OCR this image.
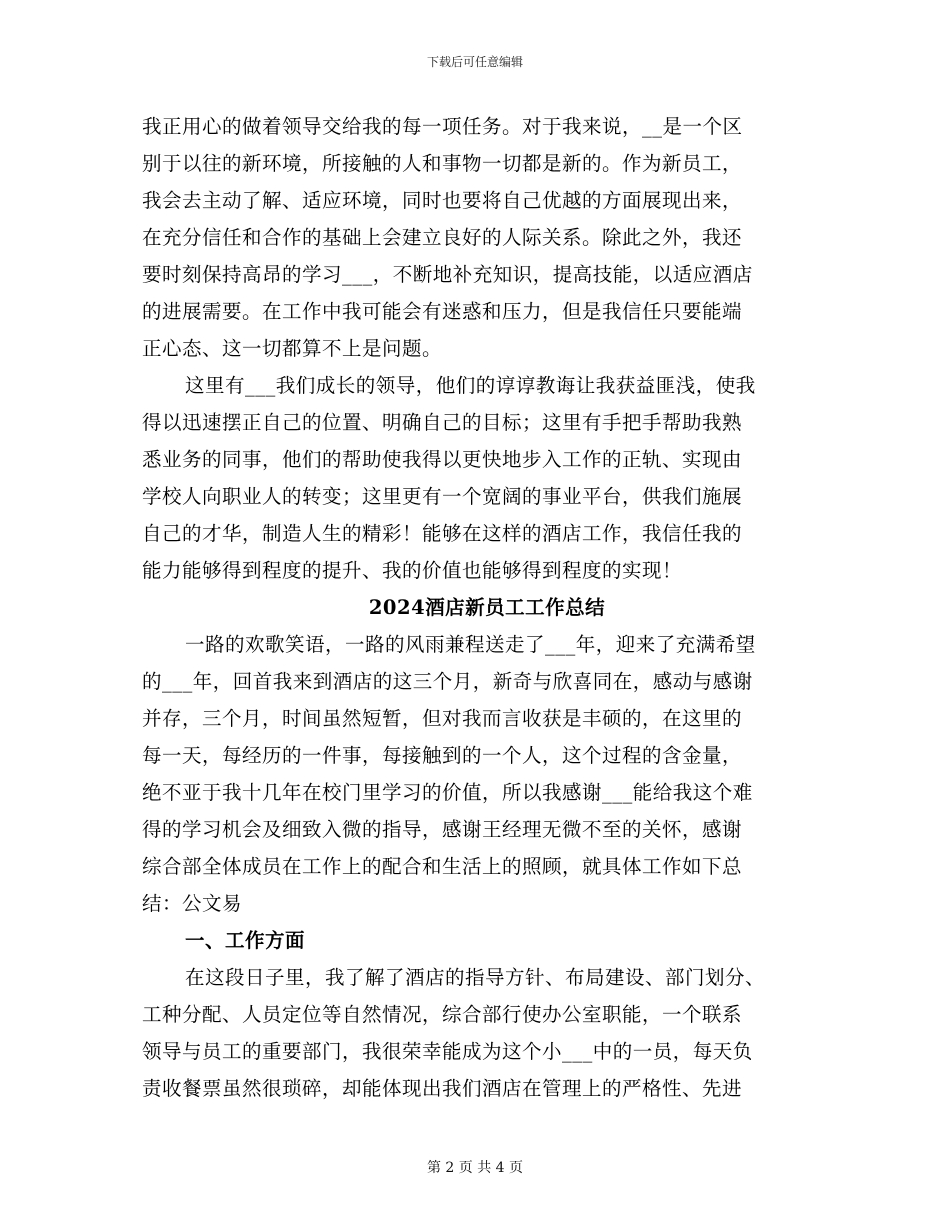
下载后可任意编辑
我正用心的做着领导交给我的每一项任务。对于我来说，__是一个区
别于以往的新环境，所接触的人和事物一切都是新的。作为新员工，
我会去主动了解、适应环境，同时也要将自己优越的方面展现出来，
在充分信任和合作的基础上会建立良好的人际关系。除此之外，我还
要时刻保持高昂的学习___，不断地补充知识，提高技能，以适应酒店
的进展需要。在工作中我可能会有迷惑和压力，但是我信任只要能端
正心态、这一切都算不上是问题。
这里有___我们成长的领导，他们的谆谆教诲让我获益匪浅，使我
得以迅速摆正自己的位置、明确自己的目标；这里有手把手帮助我熟
悉业务的同事，他们的帮助使我得以更快地步入工作的正轨、实现由
学校人向职业人的转变；这里更有一个宽阔的事业平台，供我们施展
自己的才华，制造人生的精彩！能够在这样的酒店工作，我信任我的
能力能够得到程度的提升、我的价值也能够得到程度的实现！
2024酒店新员工工作总结
一路的欢歌笑语，一路的风雨兼程送走了___年，迎来了充满希望
的___年，回首我来到酒店的这三个月，新奇与欣喜同在，感动与感谢
并存，三个月，时间虽然短暂，但对我而言收获是丰硕的，在这里的
每一天，每经历的一件事，每接触到的一个人，这个过程的含金量，
绝不亚于我十几年在校门里学习的价值，所以我感谢___能给我这个难
得的学习机会及细致入微的指导，感谢王经理无微不至的关怀，感谢
综合部全体成员在工作上的配合和生活上的照顾，就具体工作如下总
结：公文易
一、工作方面
在这段日子里，我了解了酒店的指导方针、布局建设、部门划分、
工种分配、人员定位等自然情况，综合部行使办公室职能，一个联系
领导与员工的重要部门，我很荣幸能成为这个小___中的一员，每天负
责收餐票虽然很琐碎，却能体现出我们酒店在管理上的严格性、先进
第 2 页 共 4 页
